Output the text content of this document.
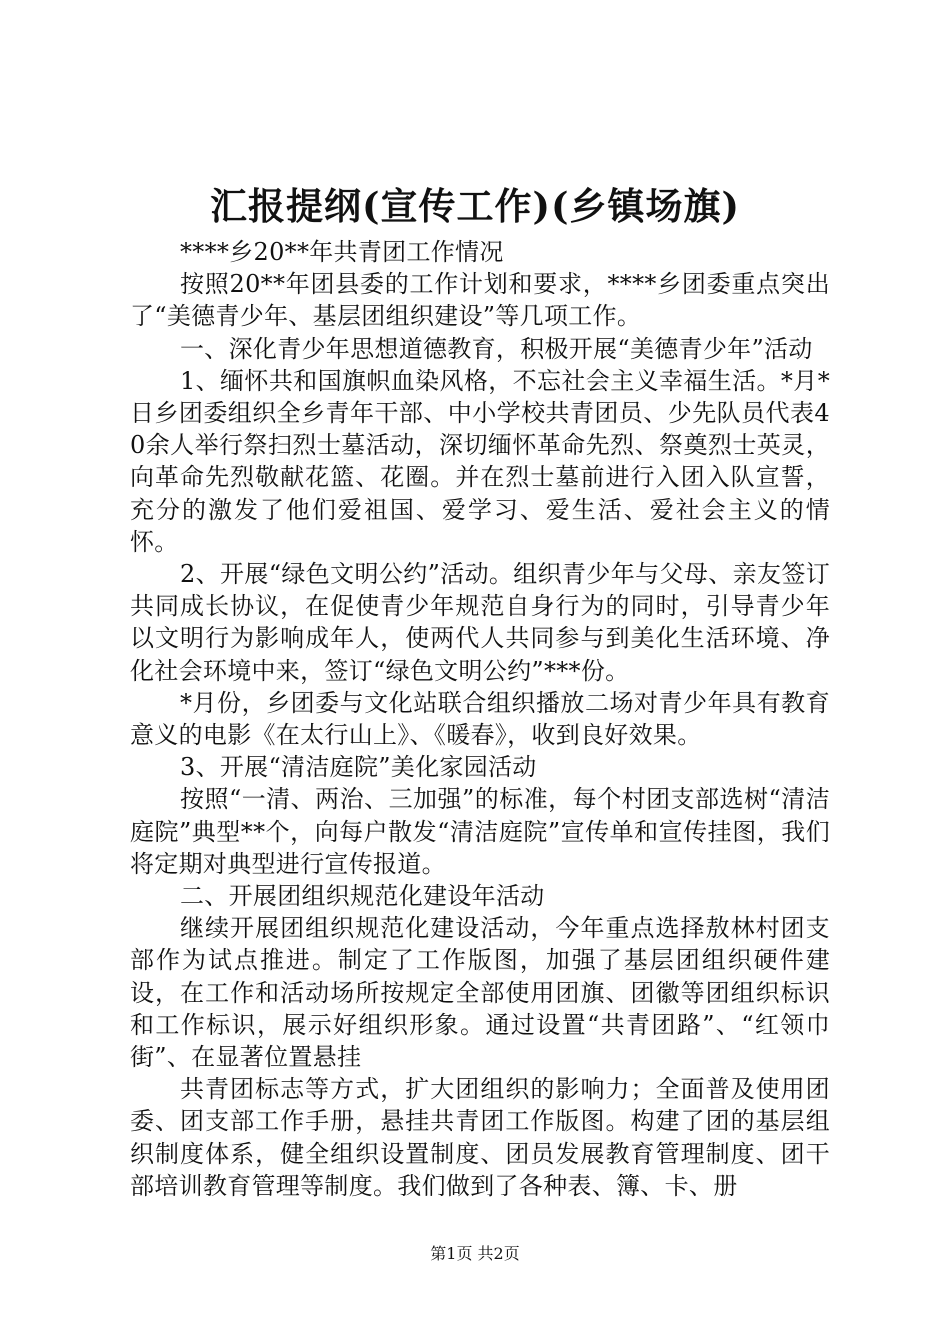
汇报提纲(宣传工作)(乡镇场旗)

****乡20**年共青团工作情况

按照20**年团县委的工作计划和要求，****乡团委重点突出了“美德青少年、基层团组织建设”等几项工作。

一、深化青少年思想道德教育，积极开展“美德青少年”活动

1、缅怀共和国旗帜血染风格，不忘社会主义幸福生活。*月*日乡团委组织全乡青年干部、中小学校共青团员、少先队员代表40余人举行祭扫烈士墓活动，深切缅怀革命先烈、祭奠烈士英灵，向革命先烈敬献花篮、花圈。并在烈士墓前进行入团入队宣誓，充分的激发了他们爱祖国、爱学习、爱生活、爱社会主义的情怀。

2、开展“绿色文明公约”活动。组织青少年与父母、亲友签订共同成长协议，在促使青少年规范自身行为的同时，引导青少年以文明行为影响成年人，使两代人共同参与到美化生活环境、净化社会环境中来，签订“绿色文明公约”***份。

*月份，乡团委与文化站联合组织播放二场对青少年具有教育意义的电影《在太行山上》、《暖春》，收到良好效果。

3、开展“清洁庭院”美化家园活动

按照“一清、两治、三加强”的标准，每个村团支部选树“清洁庭院”典型**个，向每户散发“清洁庭院”宣传单和宣传挂图，我们将定期对典型进行宣传报道。

二、开展团组织规范化建设年活动

继续开展团组织规范化建设活动，今年重点选择敖林村团支部作为试点推进。制定了工作版图，加强了基层团组织硬件建设，在工作和活动场所按规定全部使用团旗、团徽等团组织标识和工作标识，展示好组织形象。通过设置“共青团路”、“红领巾街”、在显著位置悬挂

共青团标志等方式，扩大团组织的影响力；全面普及使用团委、团支部工作手册，悬挂共青团工作版图。构建了团的基层组织制度体系，健全组织设置制度、团员发展教育管理制度、团干部培训教育管理等制度。我们做到了各种表、簿、卡、册

第1页 共2页
